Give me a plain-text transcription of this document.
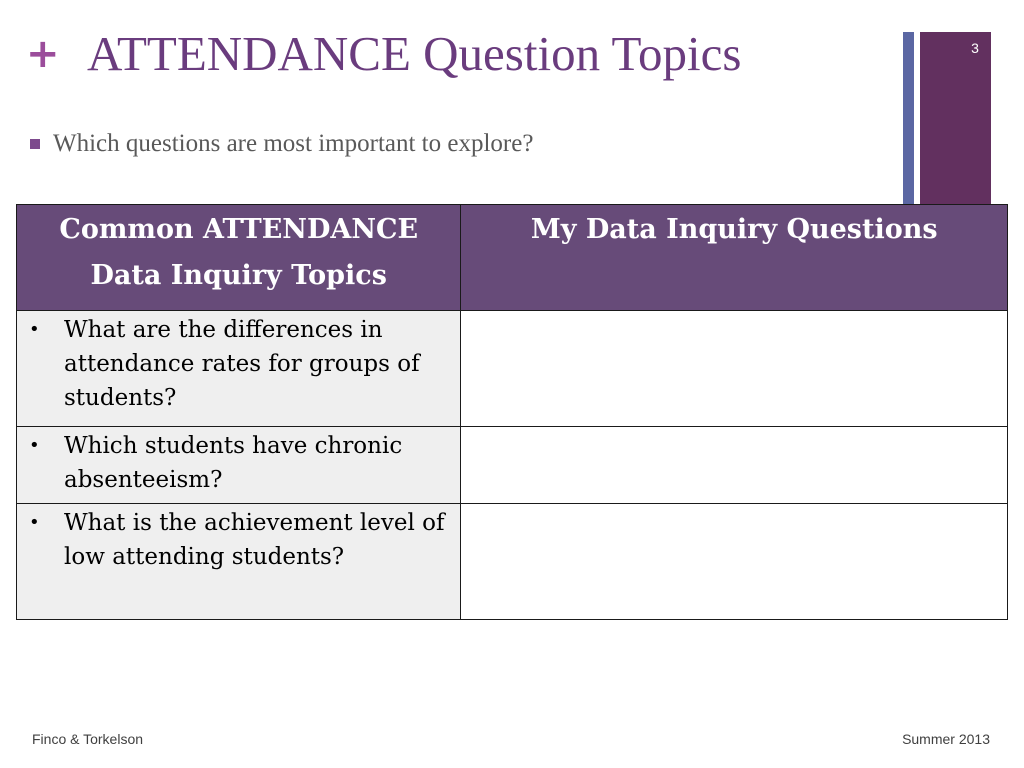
+ ATTENDANCE Question Topics	3
Which questions are most important to explore?
Common ATTENDANCE Data Inquiry Topics	My Data Inquiry Questions

• What are the differences in attendance rates for groups of students?	

• Which students have chronic absenteeism?	

• What is the achievement level of low attending students?	

Finco & Torkelson	Summer 2013
